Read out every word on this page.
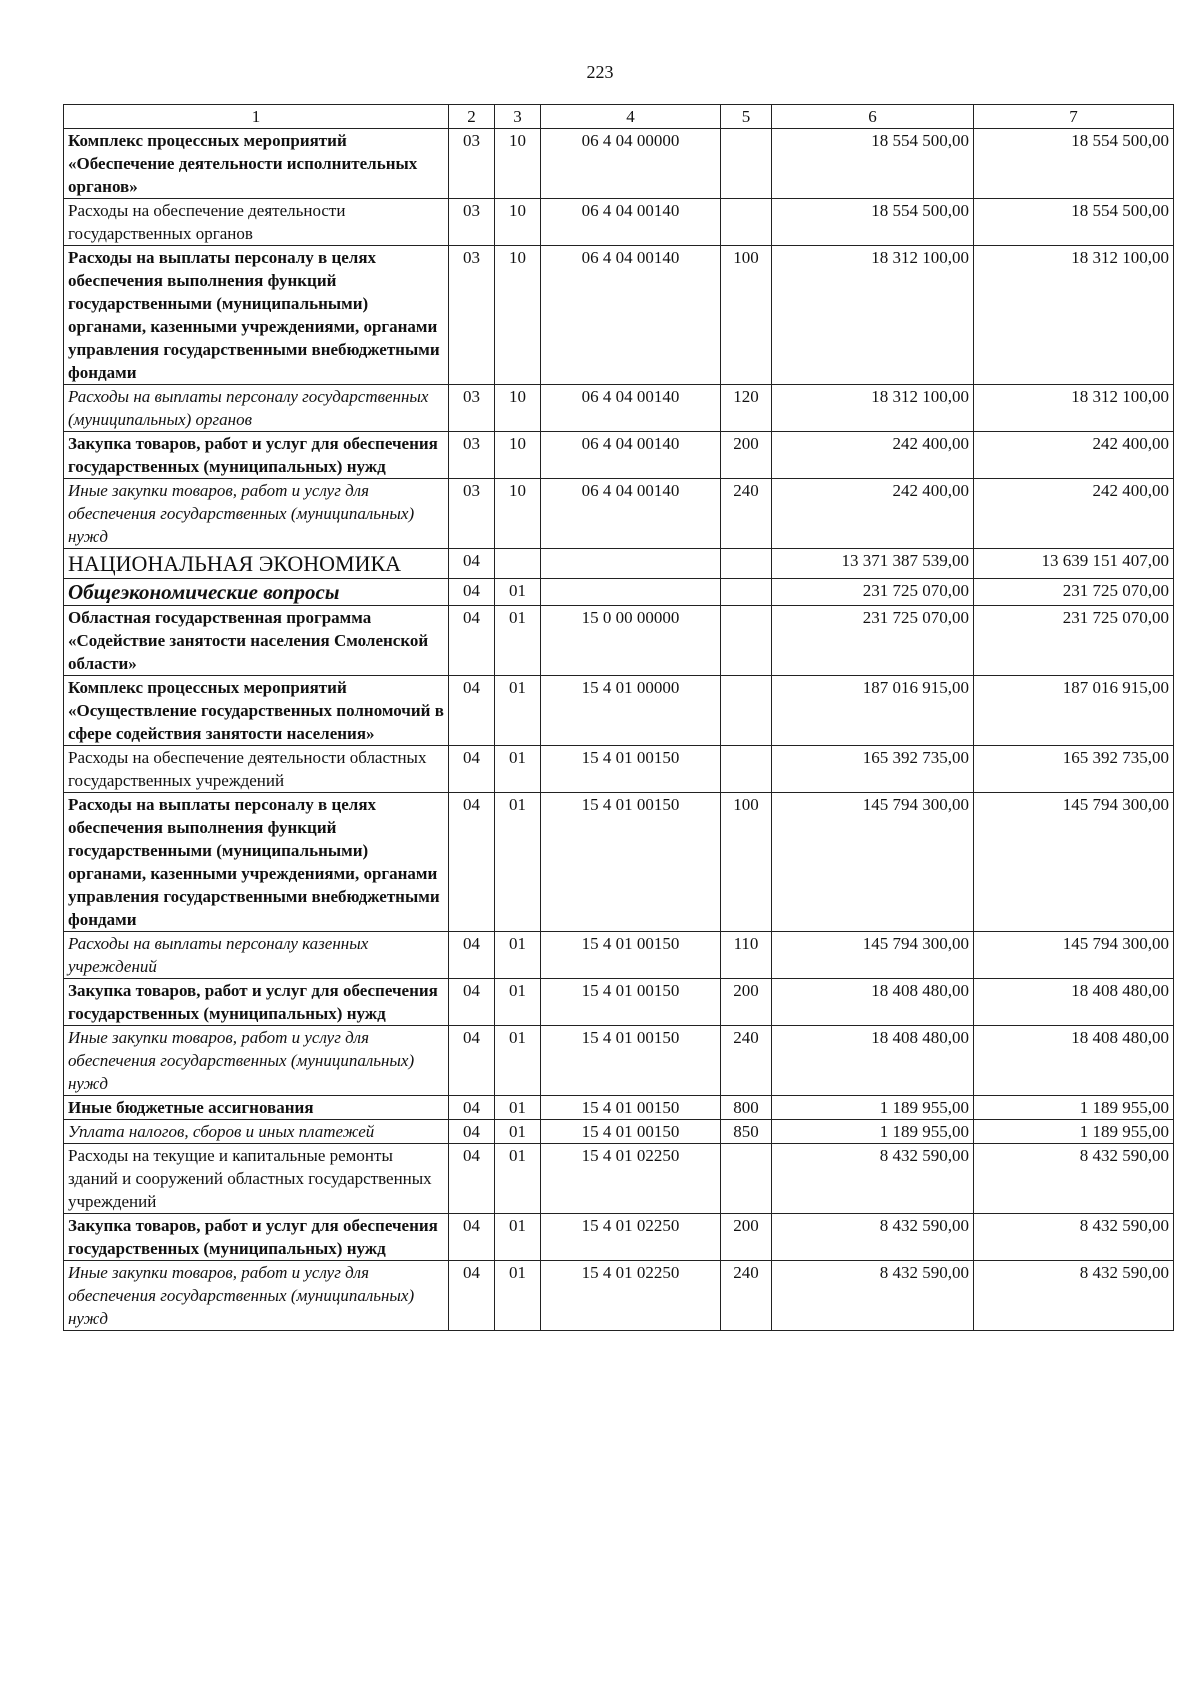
223
1	2	3	4	5	6	7
Комплекс процессных мероприятий «Обеспечение деятельности исполнительных органов»	03	10	06 4 04 00000		18 554 500,00	18 554 500,00
Расходы на обеспечение деятельности государственных органов	03	10	06 4 04 00140		18 554 500,00	18 554 500,00
Расходы на выплаты персоналу в целях обеспечения выполнения функций государственными (муниципальными) органами, казенными учреждениями, органами управления государственными внебюджетными фондами	03	10	06 4 04 00140	100	18 312 100,00	18 312 100,00
Расходы на выплаты персоналу государственных (муниципальных) органов	03	10	06 4 04 00140	120	18 312 100,00	18 312 100,00
Закупка товаров, работ и услуг для обеспечения государственных (муниципальных) нужд	03	10	06 4 04 00140	200	242 400,00	242 400,00
Иные закупки товаров, работ и услуг для обеспечения государственных (муниципальных) нужд	03	10	06 4 04 00140	240	242 400,00	242 400,00
НАЦИОНАЛЬНАЯ ЭКОНОМИКА	04				13 371 387 539,00	13 639 151 407,00
Общеэкономические вопросы	04	01			231 725 070,00	231 725 070,00
Областная государственная программа «Содействие занятости населения Смоленской области»	04	01	15 0 00 00000		231 725 070,00	231 725 070,00
Комплекс процессных мероприятий «Осуществление государственных полномочий в сфере содействия занятости населения»	04	01	15 4 01 00000		187 016 915,00	187 016 915,00
Расходы на обеспечение деятельности областных государственных учреждений	04	01	15 4 01 00150		165 392 735,00	165 392 735,00
Расходы на выплаты персоналу в целях обеспечения выполнения функций государственными (муниципальными) органами, казенными учреждениями, органами управления государственными внебюджетными фондами	04	01	15 4 01 00150	100	145 794 300,00	145 794 300,00
Расходы на выплаты персоналу казенных учреждений	04	01	15 4 01 00150	110	145 794 300,00	145 794 300,00
Закупка товаров, работ и услуг для обеспечения государственных (муниципальных) нужд	04	01	15 4 01 00150	200	18 408 480,00	18 408 480,00
Иные закупки товаров, работ и услуг для обеспечения государственных (муниципальных) нужд	04	01	15 4 01 00150	240	18 408 480,00	18 408 480,00
Иные бюджетные ассигнования	04	01	15 4 01 00150	800	1 189 955,00	1 189 955,00
Уплата налогов, сборов и иных платежей	04	01	15 4 01 00150	850	1 189 955,00	1 189 955,00
Расходы на текущие и капитальные ремонты зданий и сооружений областных государственных учреждений	04	01	15 4 01 02250		8 432 590,00	8 432 590,00
Закупка товаров, работ и услуг для обеспечения государственных (муниципальных) нужд	04	01	15 4 01 02250	200	8 432 590,00	8 432 590,00
Иные закупки товаров, работ и услуг для обеспечения государственных (муниципальных) нужд	04	01	15 4 01 02250	240	8 432 590,00	8 432 590,00
